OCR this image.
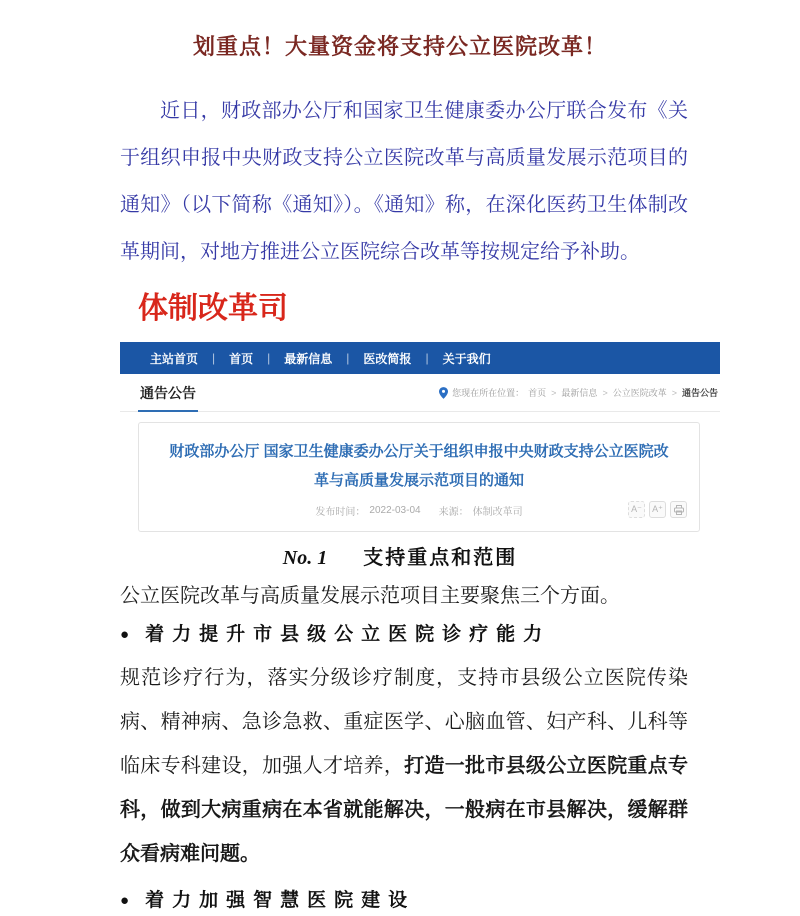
划重点！大量资金将支持公立医院改革！

近日，财政部办公厅和国家卫生健康委办公厅联合发布《关于组织申报中央财政支持公立医院改革与高质量发展示范项目的通知》（以下简称《通知》）。《通知》称，在深化医药卫生体制改革期间，对地方推进公立医院综合改革等按规定给予补助。

体制改革司
主站首页 | 首页 | 最新信息 | 医改简报 | 关于我们
通告公告	您现在所在位置： 首页 > 最新信息 > 公立医院改革 > 通告公告
财政部办公厅 国家卫生健康委办公厅关于组织申报中央财政支持公立医院改革与高质量发展示范项目的通知
发布时间： 2022-03-04 来源： 体制改革司	A⁻	A⁺
No. 1 支持重点和范围

公立医院改革与高质量发展示范项目主要聚焦三个方面。

● 着力提升市县级公立医院诊疗能力

规范诊疗行为，落实分级诊疗制度，支持市县级公立医院传染病、精神病、急诊急救、重症医学、心脑血管、妇产科、儿科等临床专科建设，加强人才培养，打造一批市县级公立医院重点专科，做到大病重病在本省就能解决，一般病在市县解决，缓解群众看病难问题。

● 着力加强智慧医院建设
